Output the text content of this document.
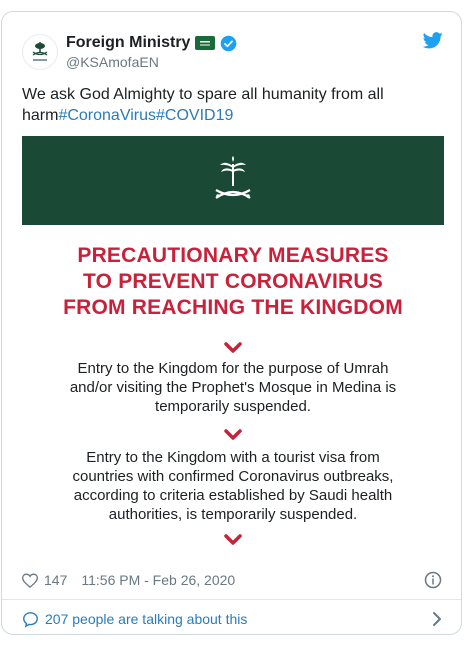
Foreign Ministry
@KSAmofaEN
We ask God Almighty to spare all humanity from all harm#CoronaVirus#COVID19
PRECAUTIONARY MEASURES
TO PREVENT CORONAVIRUS
FROM REACHING THE KINGDOM
Entry to the Kingdom for the purpose of Umrah
and/or visiting the Prophet's Mosque in Medina is
temporarily suspended.
Entry to the Kingdom with a tourist visa from
countries with confirmed Coronavirus outbreaks,
according to criteria established by Saudi health
authorities, is temporarily suspended.
147 11:56 PM - Feb 26, 2020
207 people are talking about this
